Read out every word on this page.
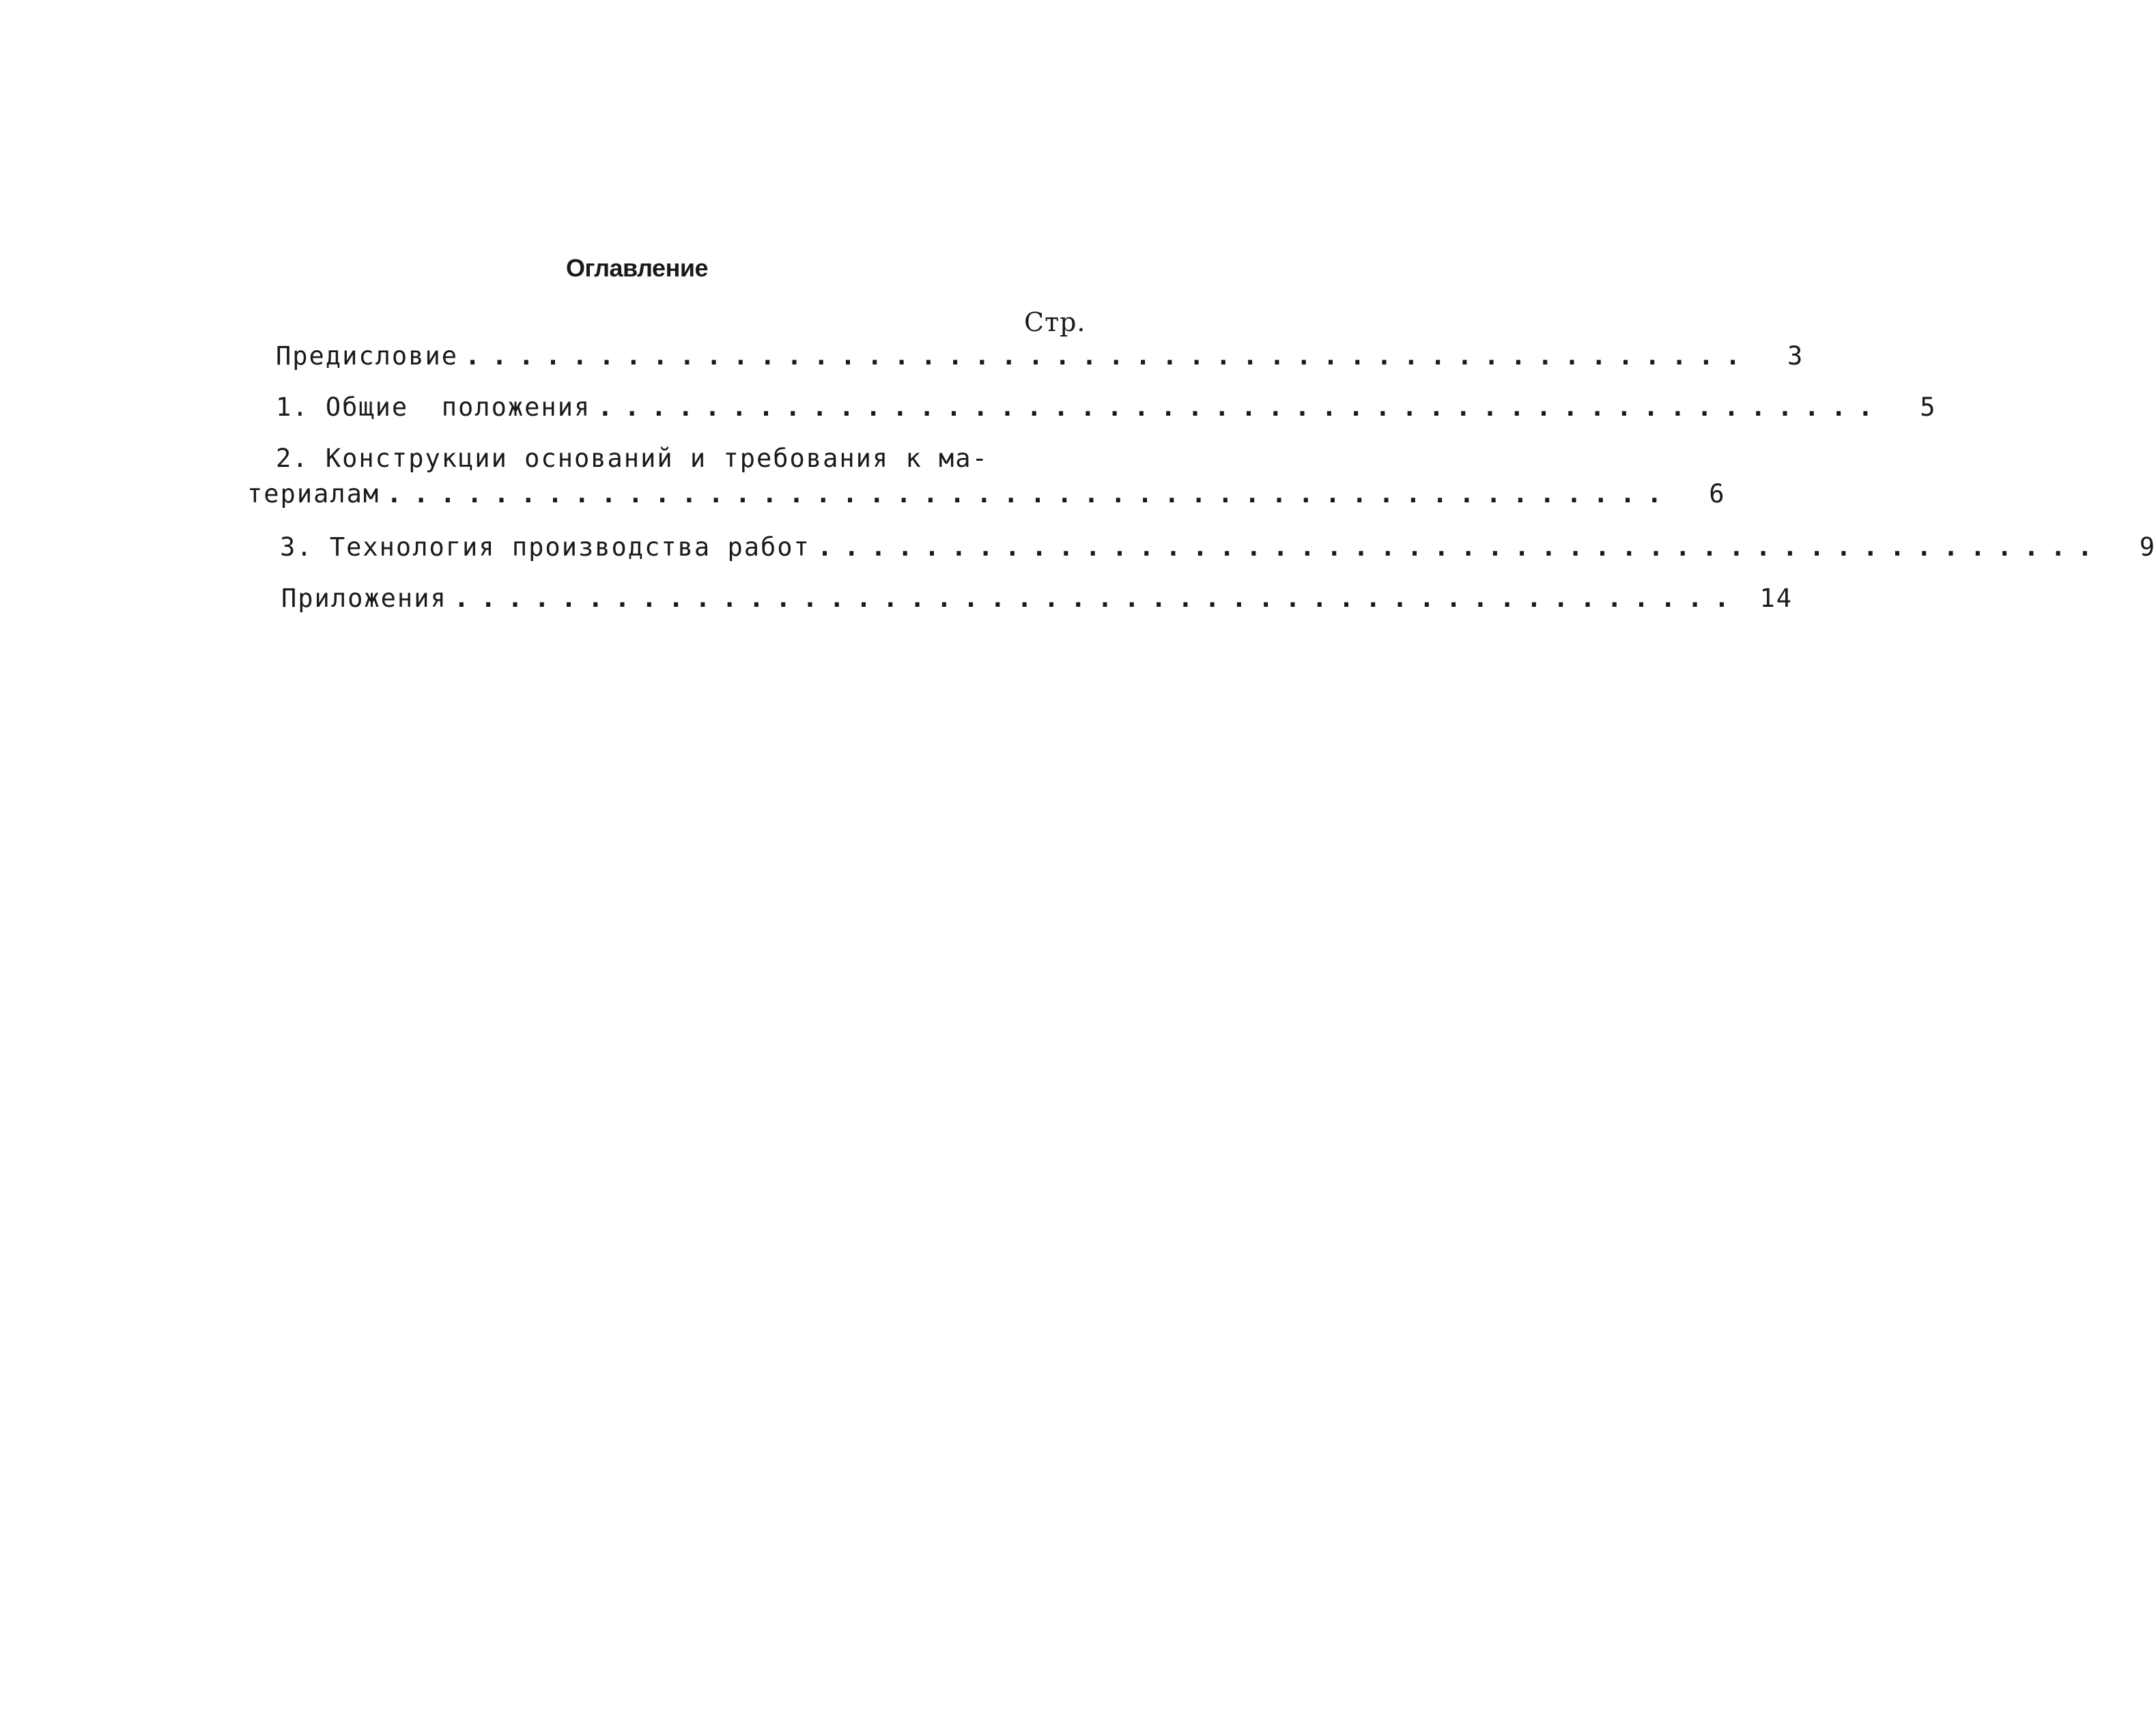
Оглавление
Стр.
Предисловие ................................................	3
1. Общие  положения ................................................	5
2. Конструкции оснований и требования к ма-
териалам ................................................	6
3. Технология производства работ ................................................	9
Приложения ................................................ 14
